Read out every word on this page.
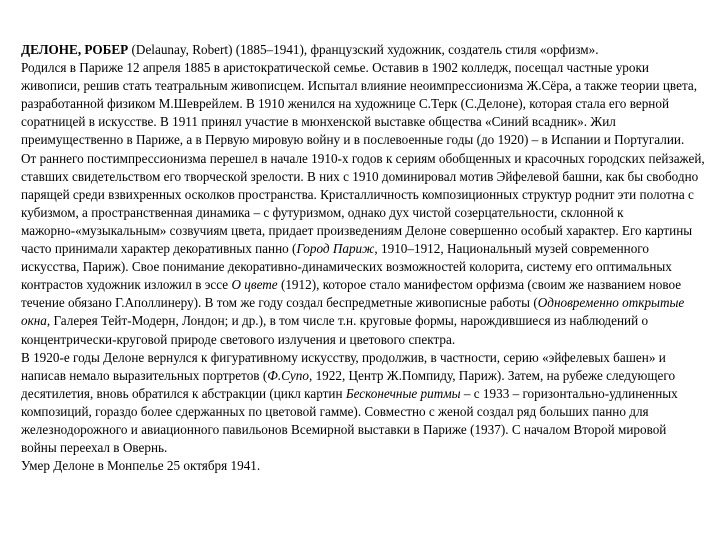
ДЕЛОНЕ, РОБЕР (Delaunay, Robert) (1885–1941), французский художник, создатель стиля «орфизм».

Родился в Париже 12 апреля 1885 в аристократической семье. Оставив в 1902 колледж, посещал частные уроки живописи, решив стать театральным живописцем. Испытал влияние неоимпрессионизма Ж.Сёра, а также теории цвета, разработанной физиком М.Шеврейлем. В 1910 женился на художнице С.Терк (С.Делоне), которая стала его верной соратницей в искусстве. В 1911 принял участие в мюнхенской выставке общества «Синий всадник». Жил преимущественно в Париже, а в Первую мировую войну и в послевоенные годы (до 1920) – в Испании и Португалии.

От раннего постимпрессионизма перешел в начале 1910-х годов к сериям обобщенных и красочных городских пейзажей, ставших свидетельством его творческой зрелости. В них с 1910 доминировал мотив Эйфелевой башни, как бы свободно парящей среди взвихренных осколков пространства. Кристалличность композиционных структур роднит эти полотна с кубизмом, а пространственная динамика – с футуризмом, однако дух чистой созерцательности, склонной к мажорно-«музыкальным» созвучиям цвета, придает произведениям Делоне совершенно особый характер. Его картины часто принимали характер декоративных панно (Город Париж, 1910–1912, Национальный музей современного искусства, Париж). Свое понимание декоративно-динамических возможностей колорита, систему его оптимальных контрастов художник изложил в эссе О цвете (1912), которое стало манифестом орфизма (своим же названием новое течение обязано Г.Аполлинеру). В том же году создал беспредметные живописные работы (Одновременно открытые окна, Галерея Тейт-Модерн, Лондон; и др.), в том числе т.н. круговые формы, нарождившиеся из наблюдений о концентрически-круговой природе светового излучения и цветового спектра.

В 1920-е годы Делоне вернулся к фигуративному искусству, продолжив, в частности, серию «эйфелевых башен» и написав немало выразительных портретов (Ф.Супо, 1922, Центр Ж.Помпиду, Париж). Затем, на рубеже следующего десятилетия, вновь обратился к абстракции (цикл картин Бесконечные ритмы – с 1933 – горизонтально-удлиненных композиций, гораздо более сдержанных по цветовой гамме). Совместно с женой создал ряд больших панно для железнодорожного и авиационного павильонов Всемирной выставки в Париже (1937). С началом Второй мировой войны переехал в Овернь.

Умер Делоне в Монпелье 25 октября 1941.
